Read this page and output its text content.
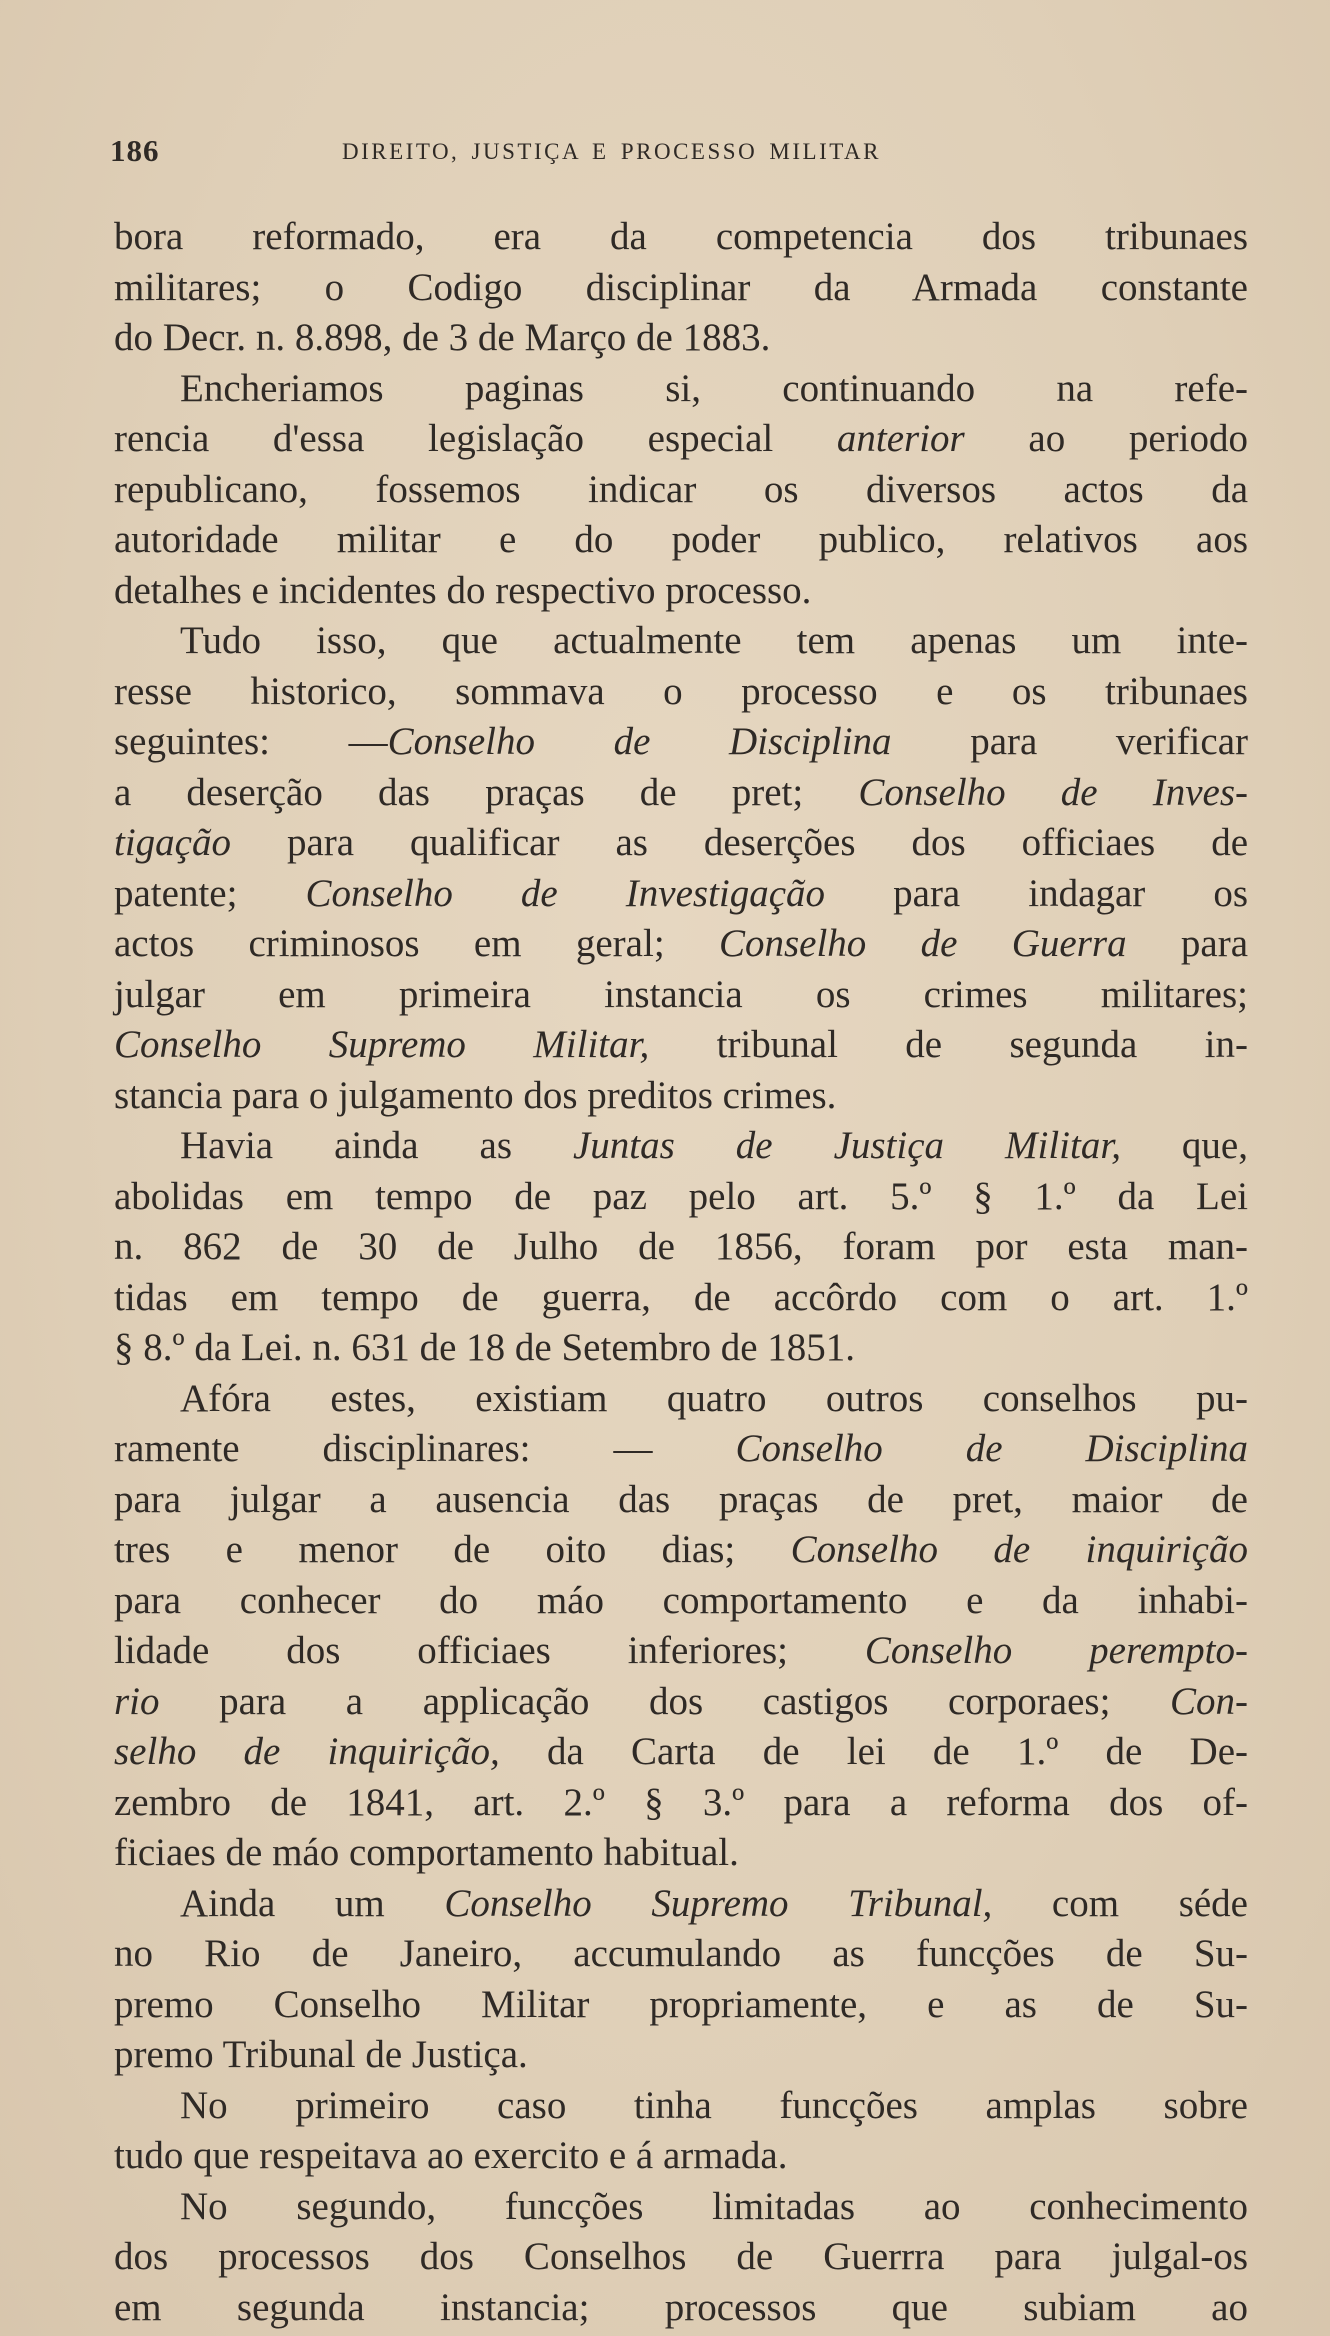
186	DIREITO, JUSTIÇA E PROCESSO MILITAR
bora reformado, era da competencia dos tribunaes
militares; o Codigo disciplinar da Armada constante
do Decr. n. 8.898, de 3 de Março de 1883.
Encheriamos paginas si, continuando na refe-
rencia d'essa legislação especial anterior ao periodo
republicano, fossemos indicar os diversos actos da
autoridade militar e do poder publico, relativos aos
detalhes e incidentes do respectivo processo.
Tudo isso, que actualmente tem apenas um inte-
resse historico, sommava o processo e os tribunaes
seguintes: —Conselho de Disciplina para verificar
a deserção das praças de pret; Conselho de Inves-
tigação para qualificar as deserções dos officiaes de
patente; Conselho de Investigação para indagar os
actos criminosos em geral; Conselho de Guerra para
julgar em primeira instancia os crimes militares;
Conselho Supremo Militar, tribunal de segunda in-
stancia para o julgamento dos preditos crimes.
Havia ainda as Juntas de Justiça Militar, que,
abolidas em tempo de paz pelo art. 5.º § 1.º da Lei
n. 862 de 30 de Julho de 1856, foram por esta man-
tidas em tempo de guerra, de accôrdo com o art. 1.º
§ 8.º da Lei. n. 631 de 18 de Setembro de 1851.
Afóra estes, existiam quatro outros conselhos pu-
ramente disciplinares: — Conselho de Disciplina
para julgar a ausencia das praças de pret, maior de
tres e menor de oito dias; Conselho de inquirição
para conhecer do máo comportamento e da inhabi-
lidade dos officiaes inferiores; Conselho perempto-
rio para a applicação dos castigos corporaes; Con-
selho de inquirição, da Carta de lei de 1.º de De-
zembro de 1841, art. 2.º § 3.º para a reforma dos of-
ficiaes de máo comportamento habitual.
Ainda um Conselho Supremo Tribunal, com séde
no Rio de Janeiro, accumulando as funcções de Su-
premo Conselho Militar propriamente, e as de Su-
premo Tribunal de Justiça.
No primeiro caso tinha funcções amplas sobre
tudo que respeitava ao exercito e á armada.
No segundo, funcções limitadas ao conhecimento
dos processos dos Conselhos de Guerrra para julgal-os
em segunda instancia; processos que subiam ao
